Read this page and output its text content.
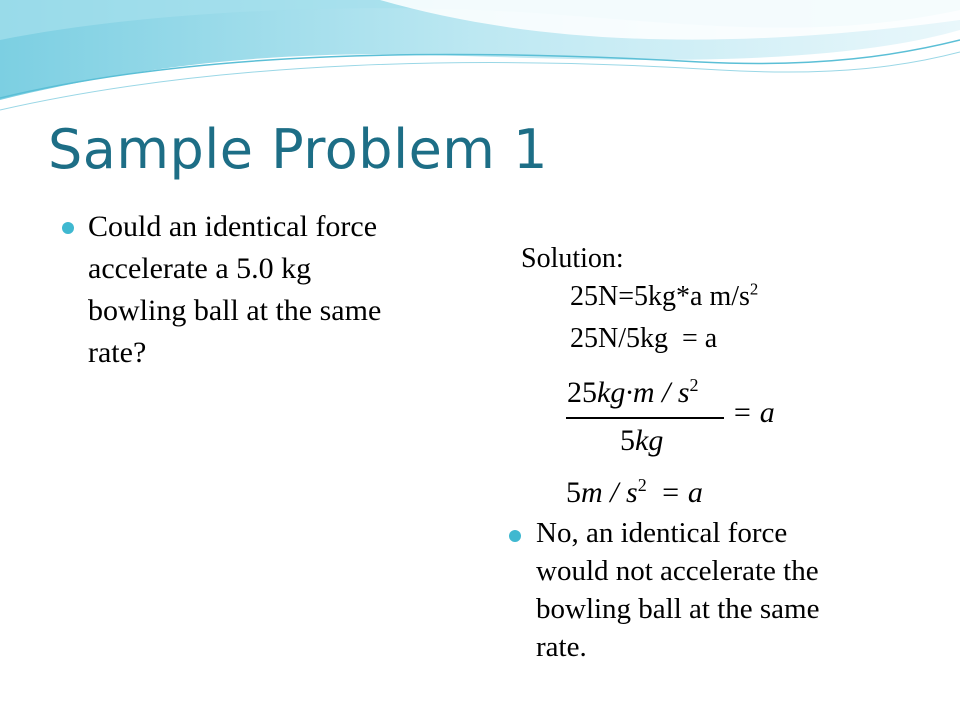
Sample Problem 1
Could an identical force
accelerate a 5.0 kg
bowling ball at the same
rate?
Solution:
25N=5kg*a $m/s^2$
25N/5kg  = a
$25kg\cdot m / s^2$
5kg
= a
$5m / s^2 = a$
No, an identical force
would not accelerate the
bowling ball at the same
rate.
